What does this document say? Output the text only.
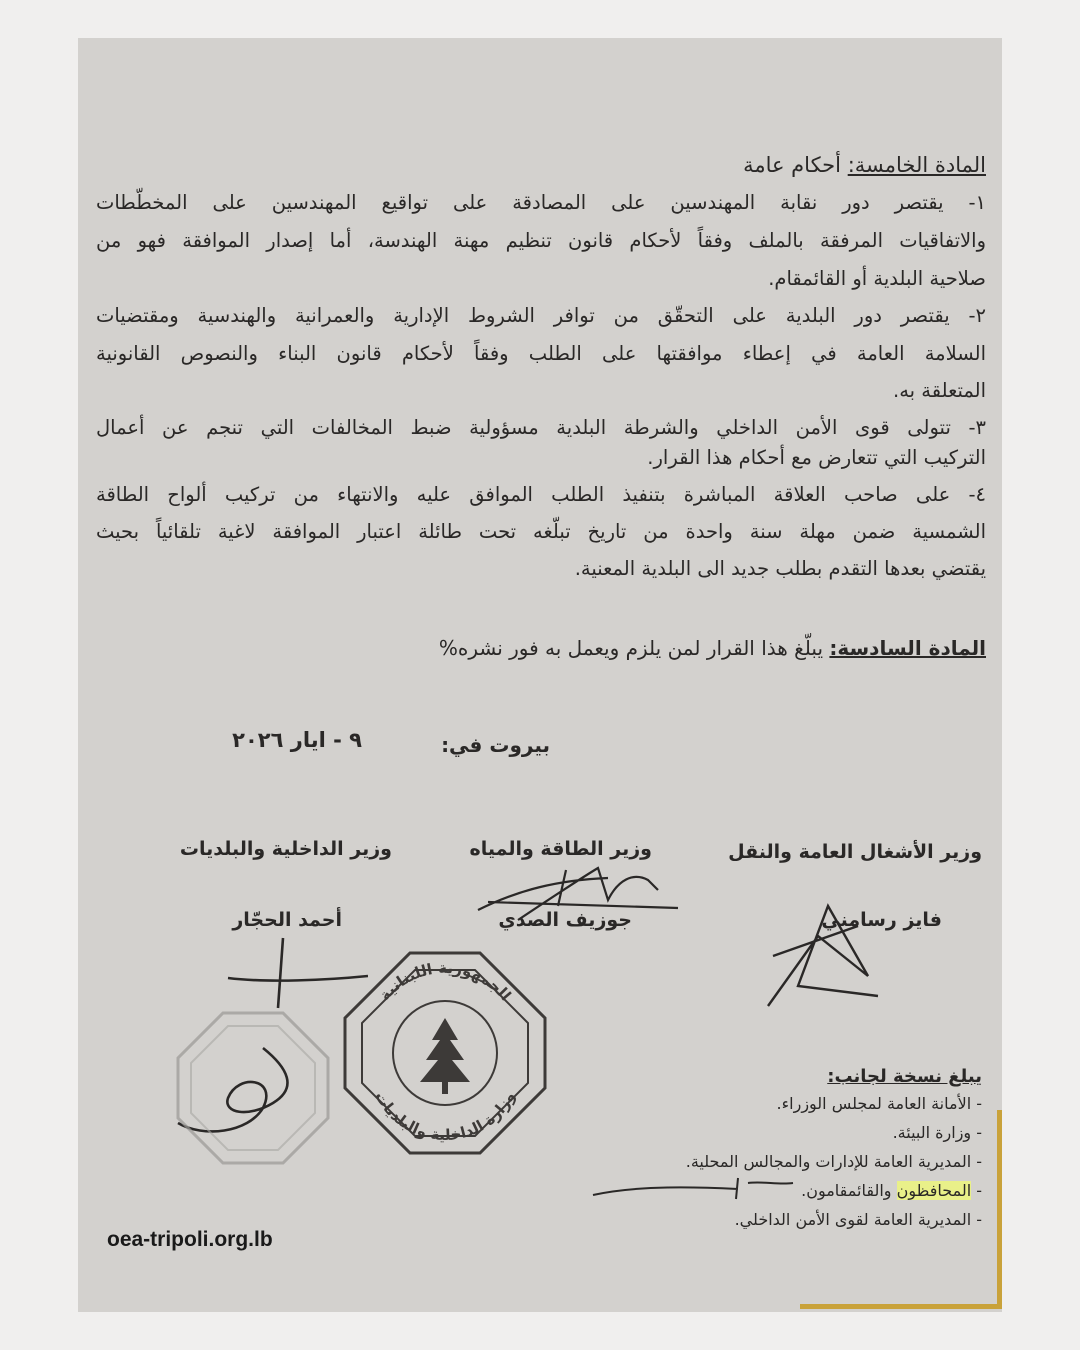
المادة الخامسة: أحكام عامة
١- يقتصر دور نقابة المهندسين على المصادقة على تواقيع المهندسين على المخطّطات
والاتفاقيات المرفقة بالملف وفقاً لأحكام قانون تنظيم مهنة الهندسة، أما إصدار الموافقة فهو من
صلاحية البلدية أو القائمقام.
٢- يقتصر دور البلدية على التحقّق من توافر الشروط الإدارية والعمرانية والهندسية ومقتضيات
السلامة العامة في إعطاء موافقتها على الطلب وفقاً لأحكام قانون البناء والنصوص القانونية
المتعلقة به.
٣- تتولى قوى الأمن الداخلي والشرطة البلدية مسؤولية ضبط المخالفات التي تنجم عن أعمال
التركيب التي تتعارض مع أحكام هذا القرار.
٤- على صاحب العلاقة المباشرة بتنفيذ الطلب الموافق عليه والانتهاء من تركيب ألواح الطاقة
الشمسية ضمن مهلة سنة واحدة من تاريخ تبلّغه تحت طائلة اعتبار الموافقة لاغية تلقائياً بحيث
يقتضي بعدها التقدم بطلب جديد الى البلدية المعنية.
المادة السادسة: يبلّغ هذا القرار لمن يلزم ويعمل به فور نشره%
بيروت في:
٩ - ايار ٢٠٢٦
وزير الأشغال العامة والنقل
وزير الطاقة والمياه
وزير الداخلية والبلديات
فايز رسامني
جوزيف الصدي
أحمد الحجّار
الجمهورية اللبنانية
وزارة الداخلية والبلديات
يبلغ نسخة لجانب:
- الأمانة العامة لمجلس الوزراء.
- وزارة البيئة.
- المديرية العامة للإدارات والمجالس المحلية.
- المحافظون والقائمقامون.
- المديرية العامة لقوى الأمن الداخلي.
oea-tripoli.org.lb
